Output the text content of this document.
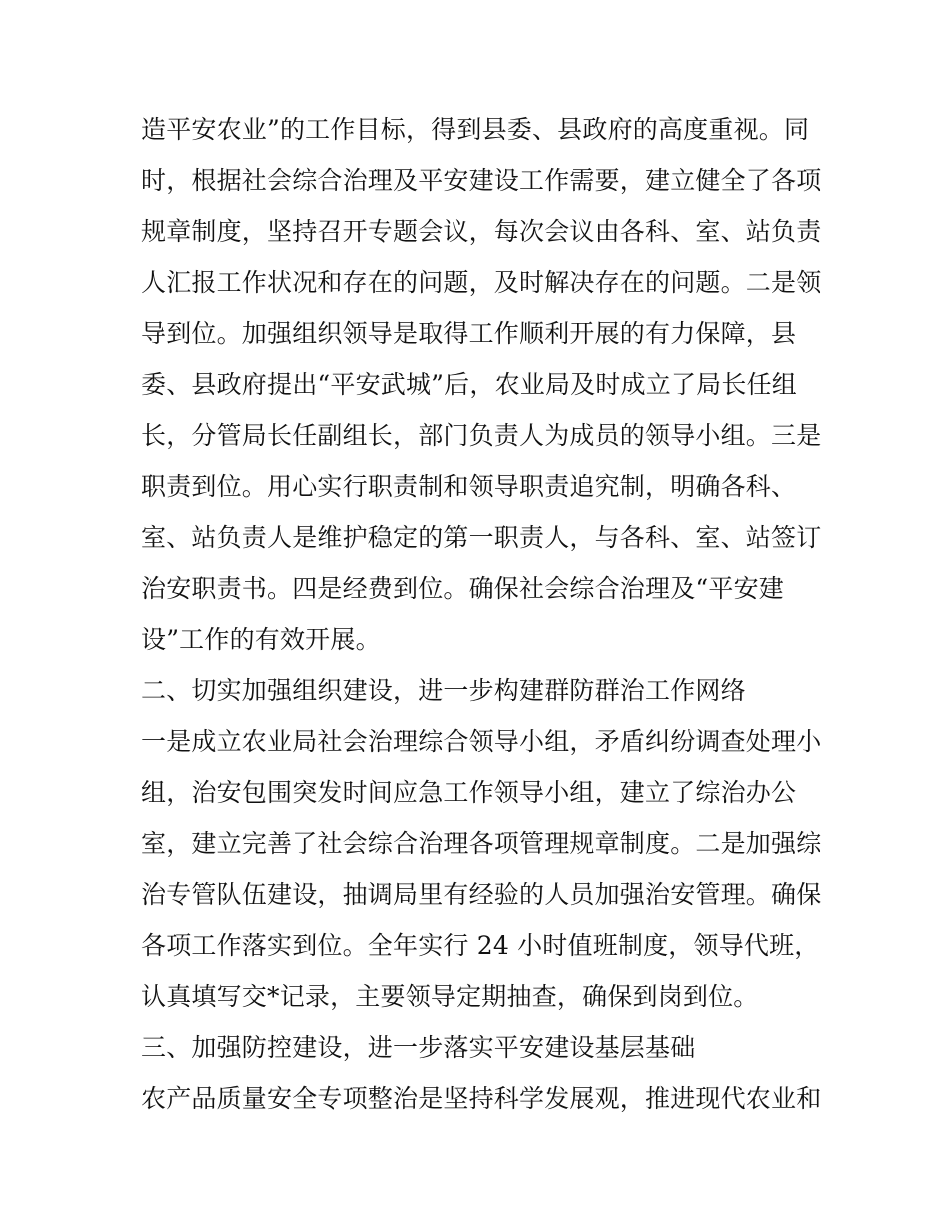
造平安农业”的工作目标，得到县委、县政府的高度重视。同
时，根据社会综合治理及平安建设工作需要，建立健全了各项
规章制度，坚持召开专题会议，每次会议由各科、室、站负责
人汇报工作状况和存在的问题，及时解决存在的问题。二是领
导到位。加强组织领导是取得工作顺利开展的有力保障，县
委、县政府提出“平安武城”后，农业局及时成立了局长任组
长，分管局长任副组长，部门负责人为成员的领导小组。三是
职责到位。用心实行职责制和领导职责追究制，明确各科、
室、站负责人是维护稳定的第一职责人，与各科、室、站签订
治安职责书。四是经费到位。确保社会综合治理及“平安建
设”工作的有效开展。
二、切实加强组织建设，进一步构建群防群治工作网络
一是成立农业局社会治理综合领导小组，矛盾纠纷调查处理小
组，治安包围突发时间应急工作领导小组，建立了综治办公
室，建立完善了社会综合治理各项管理规章制度。二是加强综
治专管队伍建设，抽调局里有经验的人员加强治安管理。确保
各项工作落实到位。全年实行 24 小时值班制度，领导代班，
认真填写交*记录，主要领导定期抽查，确保到岗到位。
三、加强防控建设，进一步落实平安建设基层基础
农产品质量安全专项整治是坚持科学发展观，推进现代农业和
